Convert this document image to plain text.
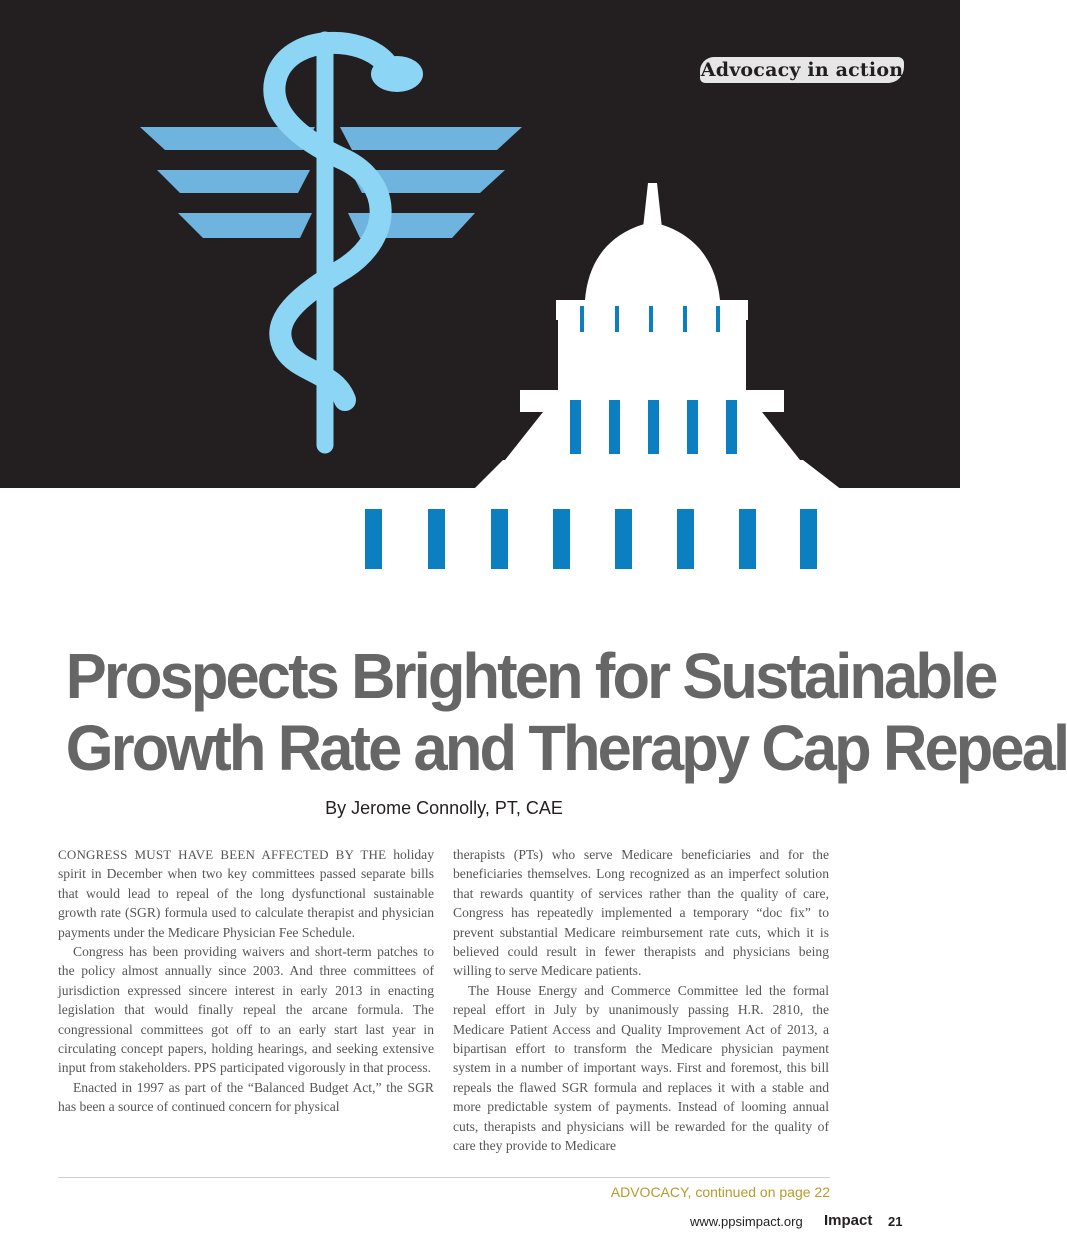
Advocacy in action
Prospects Brighten for Sustainable
Growth Rate and Therapy Cap Repeal
By Jerome Connolly, PT, CAE

CONGRESS MUST HAVE BEEN AFFECTED BY THE holiday spirit in December when two key committees passed separate bills that would lead to repeal of the long dysfunctional sustainable growth rate (SGR) formula used to calculate therapist and physician payments under the Medicare Physician Fee Schedule.

Congress has been providing waivers and short-term patches to the policy almost annually since 2003. And three committees of jurisdiction expressed sincere interest in early 2013 in enacting legislation that would finally repeal the arcane formula. The congressional committees got off to an early start last year in circulating concept papers, holding hearings, and seeking extensive input from stakeholders. PPS participated vigorously in that process.

Enacted in 1997 as part of the “Balanced Budget Act,” the SGR has been a source of continued concern for physical

therapists (PTs) who serve Medicare beneficiaries and for the beneficiaries themselves. Long recognized as an imperfect solution that rewards quantity of services rather than the quality of care, Congress has repeatedly implemented a temporary “doc fix” to prevent substantial Medicare reimbursement rate cuts, which it is believed could result in fewer therapists and physicians being willing to serve Medicare patients.

The House Energy and Commerce Committee led the formal repeal effort in July by unanimously passing H.R. 2810, the Medicare Patient Access and Quality Improvement Act of 2013, a bipartisan effort to transform the Medicare physician payment system in a number of important ways. First and foremost, this bill repeals the flawed SGR formula and replaces it with a stable and more predictable system of payments. Instead of looming annual cuts, therapists and physicians will be rewarded for the quality of care they provide to Medicare

ADVOCACY, continued on page 22
www.ppsimpact.org Impact 21
